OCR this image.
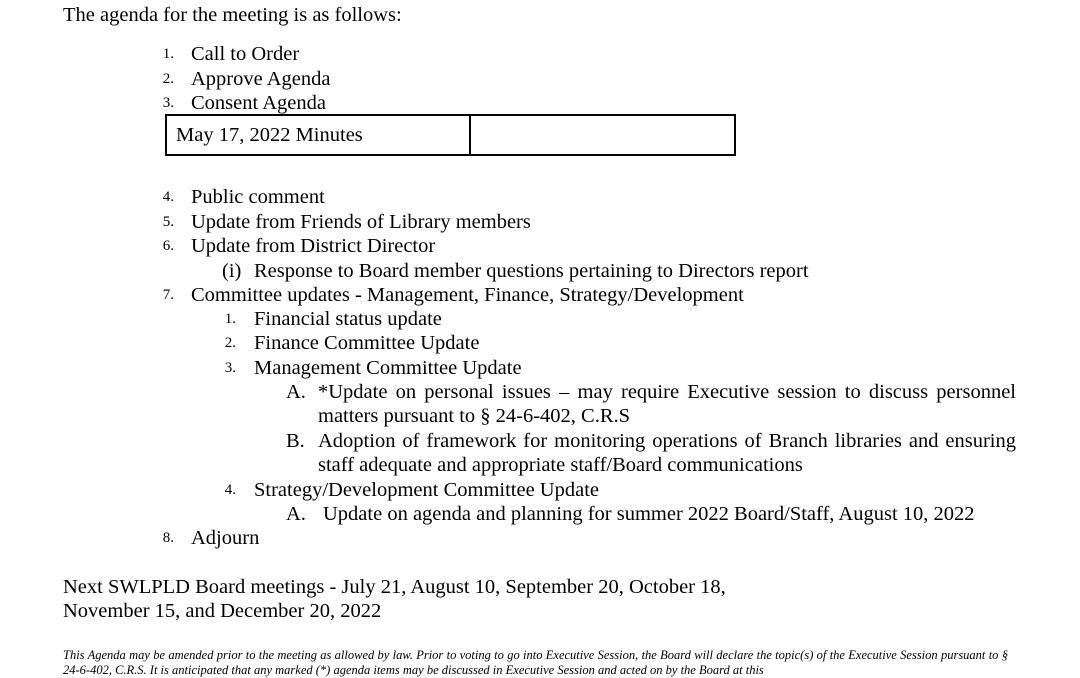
The agenda for the meeting is as follows:
1. Call to Order
2. Approve Agenda
3. Consent Agenda
May 17, 2022 Minutes	
4. Public comment
5. Update from Friends of Library members
6. Update from District Director
(i) Response to Board member questions pertaining to Directors report
7. Committee updates - Management, Finance, Strategy/Development
1. Financial status update
2. Finance Committee Update
3. Management Committee Update
A. *Update on personal issues – may require Executive session to discuss personnel matters pursuant to § 24-6-402, C.R.S
B. Adoption of framework for monitoring operations of Branch libraries and ensuring staff adequate and appropriate staff/Board communications
4. Strategy/Development Committee Update
A. Update on agenda and planning for summer 2022 Board/Staff, August 10, 2022
8. Adjourn
Next SWLPLD Board meetings - July 21, August 10, September 20, October 18,
November 15, and December 20, 2022
This Agenda may be amended prior to the meeting as allowed by law. Prior to voting to go into Executive Session, the Board will declare the topic(s) of the Executive Session pursuant to § 24-6-402, C.R.S. It is anticipated that any marked (*) agenda items may be discussed in Executive Session and acted on by the Board at this
